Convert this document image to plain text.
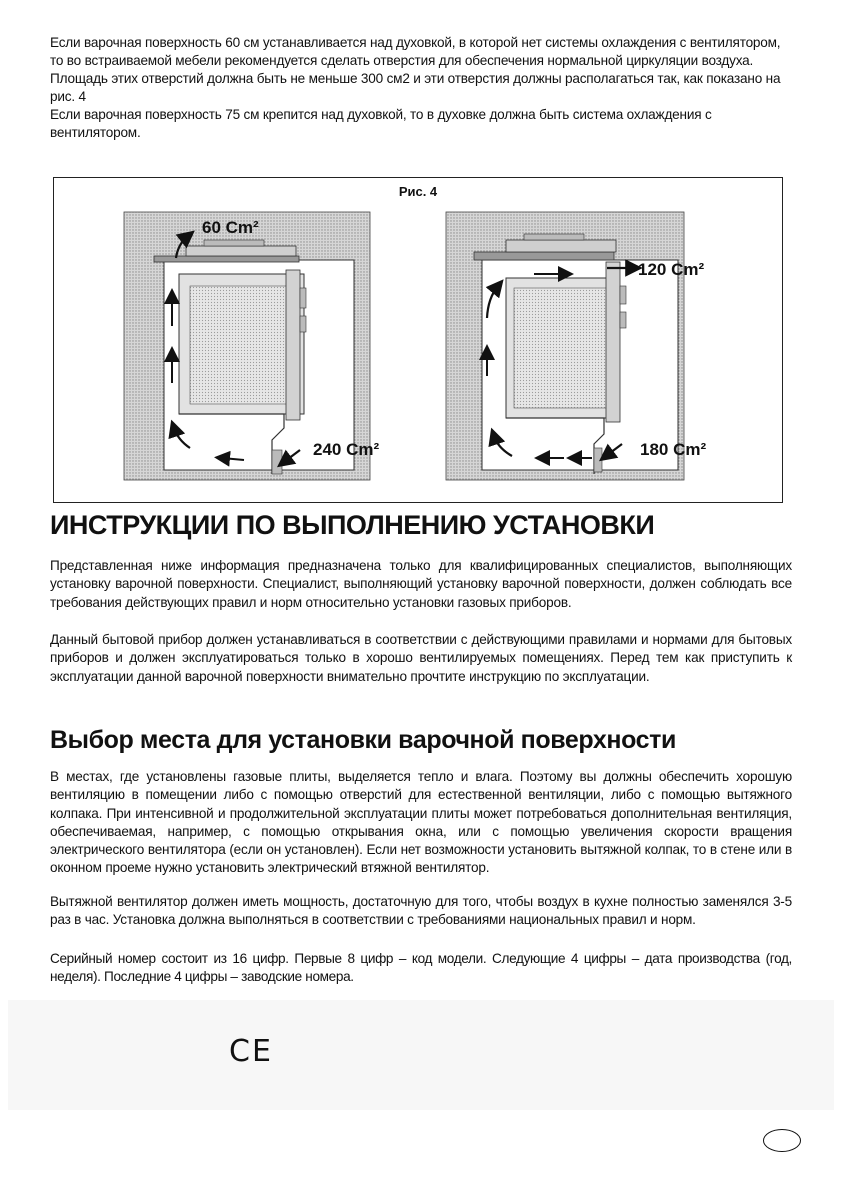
Если варочная поверхность 60 см устанавливается над духовкой, в которой нет системы охлаждения с вентилятором, то во встраиваемой мебели рекомендуется сделать отверстия для обеспечения нормальной циркуляции воздуха.

Площадь этих отверстий должна быть не меньше 300 см2 и эти отверстия должны располагаться так, как показано на рис. 4

Если варочная поверхность 75 см крепится над духовкой, то в духовке должна быть система охлаждения с вентилятором.

Рис. 4
60 Cm²
240 Cm²
120 Cm²
180 Cm²
ИНСТРУКЦИИ ПО ВЫПОЛНЕНИЮ УСТАНОВКИ

Представленная ниже информация предназначена только для квалифицированных специалистов, выполняющих установку варочной поверхности. Специалист, выполняющий установку варочной поверхности, должен соблюдать все требования действующих правил и норм относительно установки газовых приборов.

Данный бытовой прибор должен устанавливаться в соответствии с действующими правилами и нормами для бытовых приборов и должен эксплуатироваться только в хорошо вентилируемых помещениях. Перед тем как приступить к эксплуатации данной варочной поверхности внимательно прочтите инструкцию по эксплуатации.

Выбор места для установки варочной поверхности

В местах, где установлены газовые плиты, выделяется тепло и влага. Поэтому вы должны обеспечить хорошую вентиляцию в помещении либо с помощью отверстий для естественной вентиляции, либо с помощью вытяжного колпака. При интенсивной и продолжительной эксплуатации плиты может потребоваться дополнительная вентиляция, обеспечиваемая, например, с помощью открывания окна, или с помощью увеличения скорости вращения электрического вентилятора (если он установлен). Если нет возможности установить вытяжной колпак, то в стене или в оконном проеме нужно установить электрический втяжной вентилятор.

Вытяжной вентилятор должен иметь мощность, достаточную для того, чтобы воздух в кухне полностью заменялся 3-5 раз в час. Установка должна выполняться в соответствии с требованиями национальных правил и норм.

Серийный номер состоит из 16 цифр. Первые 8 цифр – код модели. Следующие 4 цифры – дата производства (год, неделя). Последние 4 цифры – заводские номера.

CE
